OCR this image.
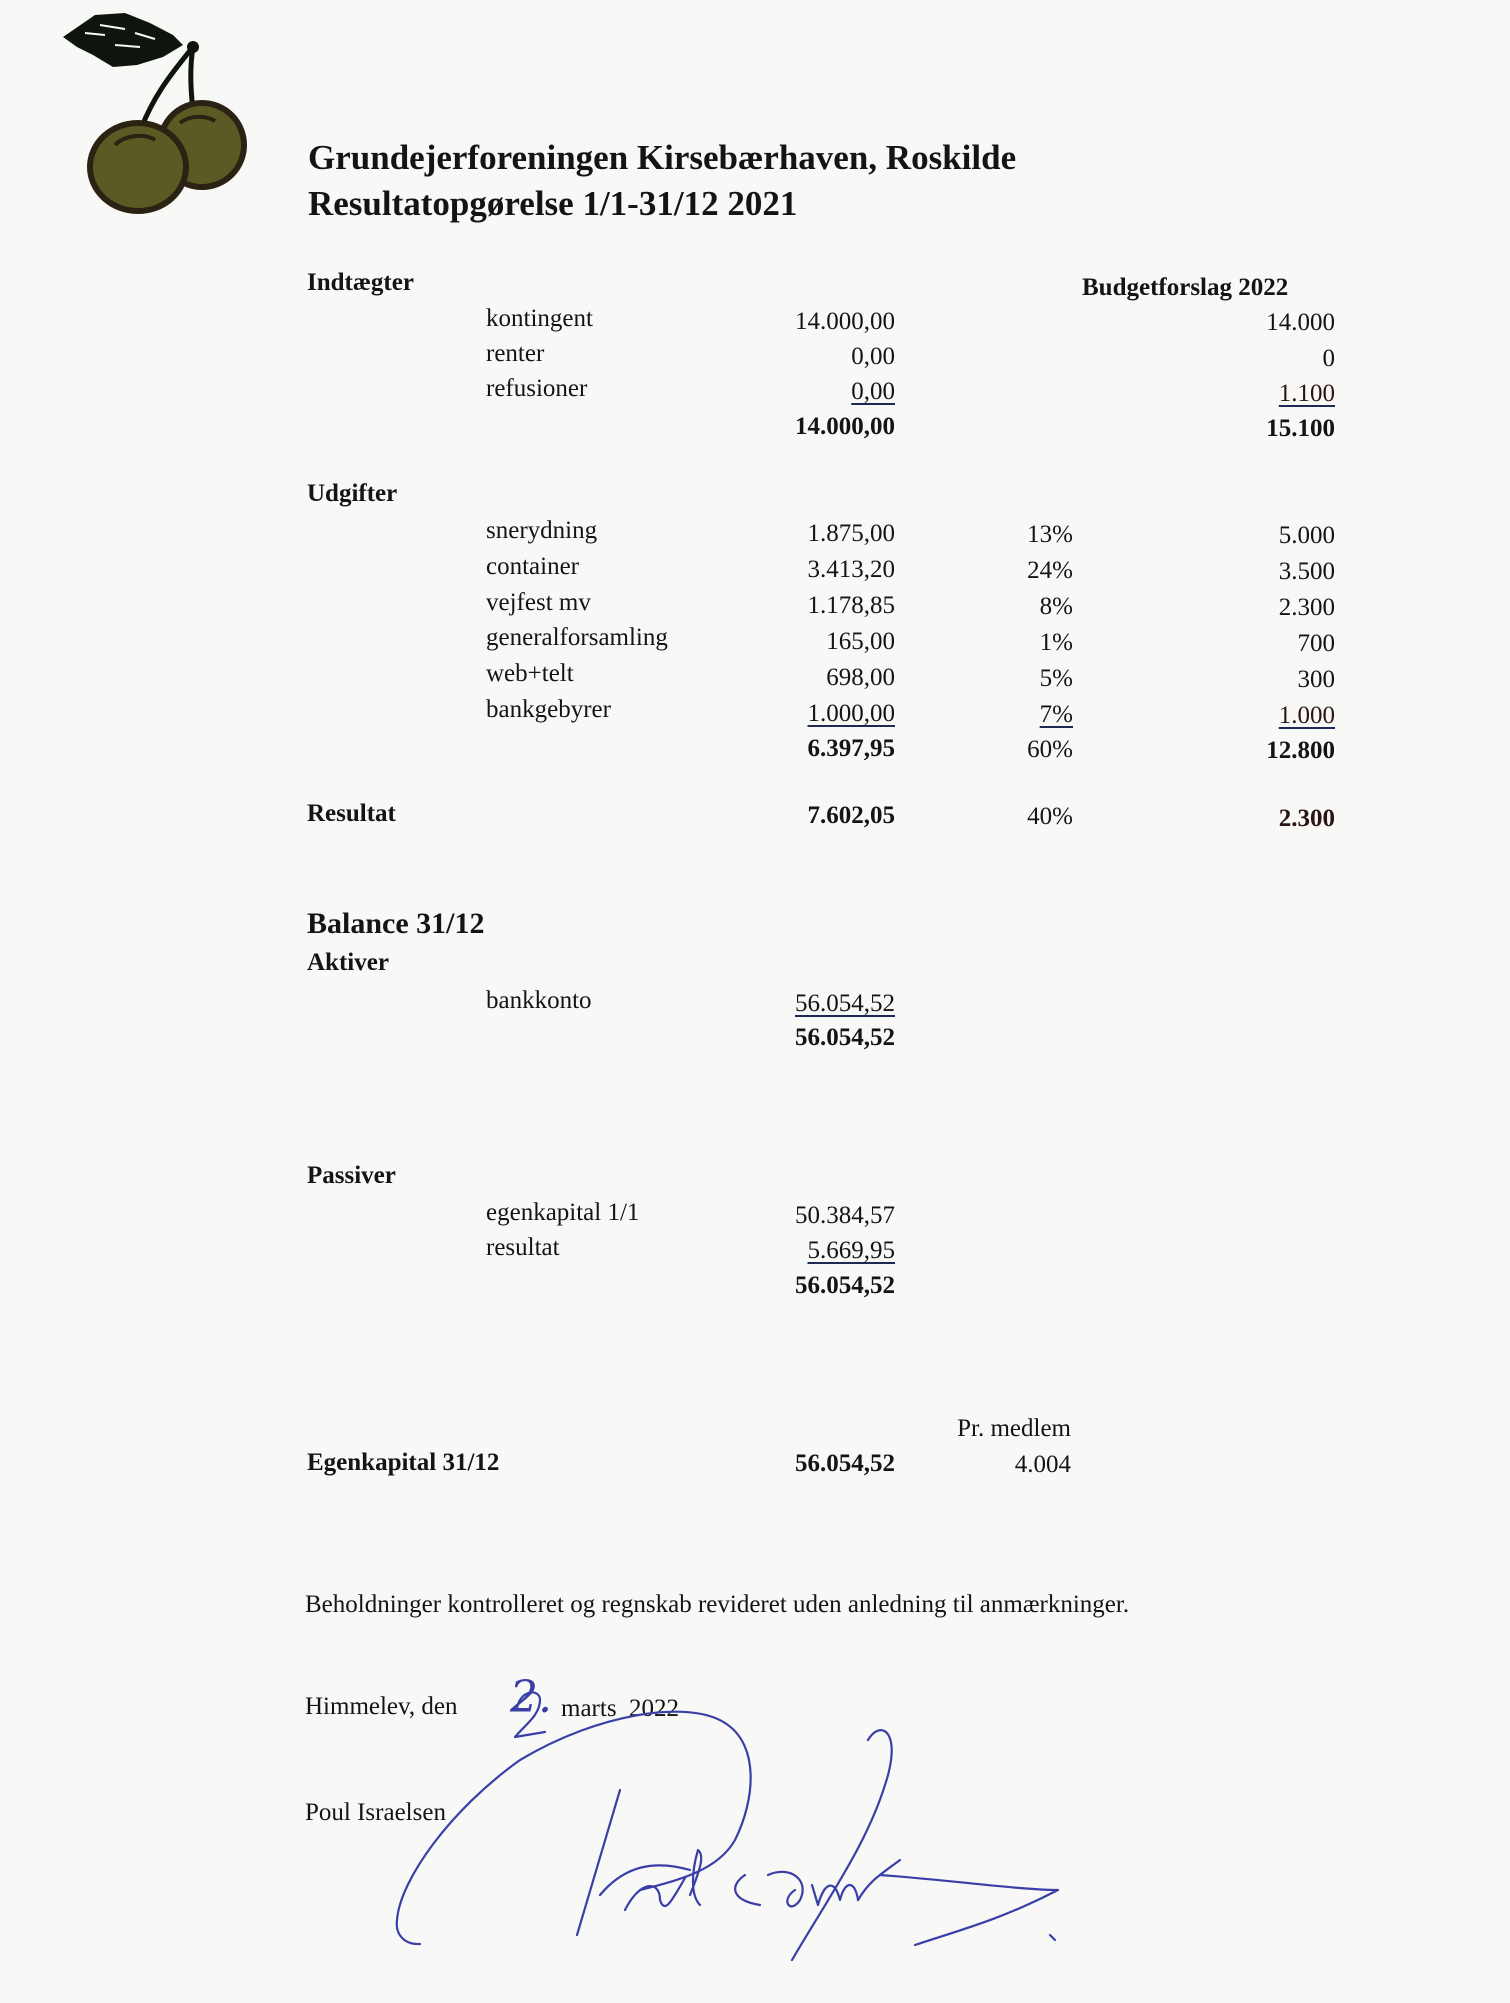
Grundejerforeningen Kirsebærhaven, Roskilde
Resultatopgørelse 1/1-31/12 2021
Indtægter	Budgetforslag 2022
kontingent	14.000,00	14.000
renter	0,00	0
refusioner	0,00	1.100
14.000,00	15.100
Udgifter
snerydning	1.875,00	13%	5.000
container	3.413,20	24%	3.500
vejfest mv	1.178,85	8%	2.300
generalforsamling	165,00	1%	700
web+telt	698,00	5%	300
bankgebyrer	1.000,00	7%	1.000
6.397,95	60%	12.800
Resultat	7.602,05	40%	2.300
Balance 31/12
Aktiver
bankkonto	56.054,52
56.054,52
Passiver
egenkapital 1/1	50.384,57
resultat	5.669,95
56.054,52
Pr. medlem
Egenkapital 31/12	56.054,52	4.004
Beholdninger kontrolleret og regnskab revideret uden anledning til anmærkninger.
Himmelev, den 2. marts  2022
Poul Israelsen
